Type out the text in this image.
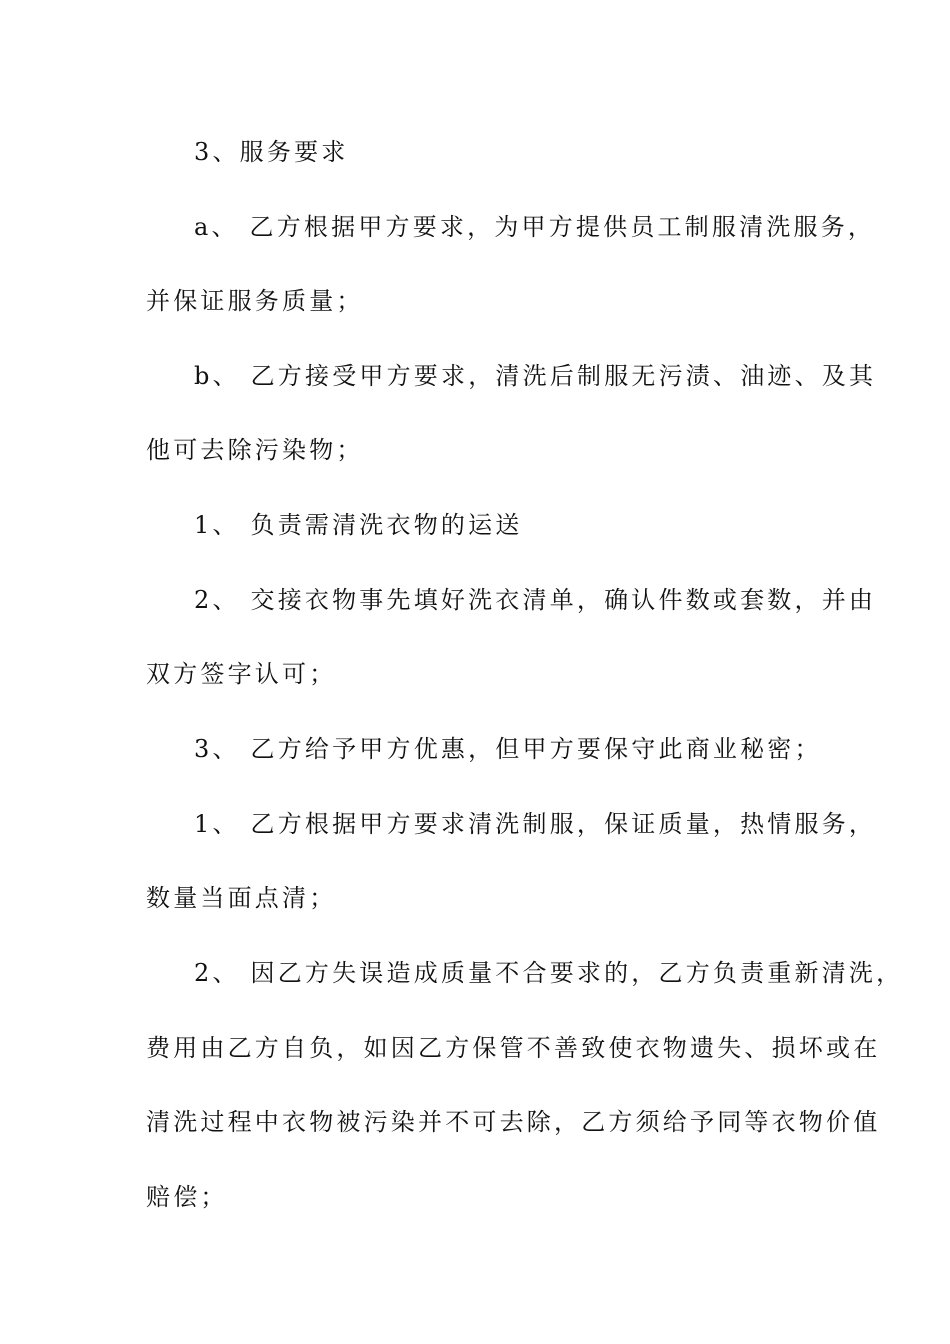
3、服务要求
a、 乙方根据甲方要求，为甲方提供员工制服清洗服务，
并保证服务质量；
b、 乙方接受甲方要求，清洗后制服无污渍、油迹、及其
他可去除污染物；
1、 负责需清洗衣物的运送
2、 交接衣物事先填好洗衣清单，确认件数或套数，并由
双方签字认可；
3、 乙方给予甲方优惠，但甲方要保守此商业秘密；
1、 乙方根据甲方要求清洗制服，保证质量，热情服务，
数量当面点清；
2、 因乙方失误造成质量不合要求的，乙方负责重新清洗，
费用由乙方自负，如因乙方保管不善致使衣物遗失、损坏或在
清洗过程中衣物被污染并不可去除，乙方须给予同等衣物价值
赔偿；
